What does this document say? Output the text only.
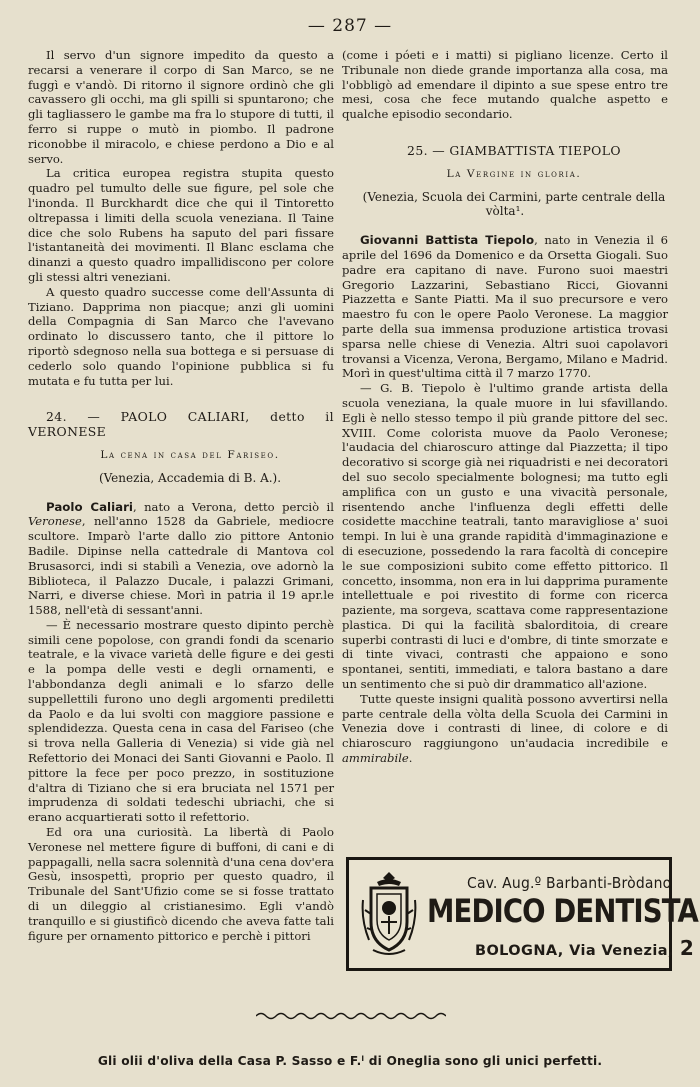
— 287 —

Il servo d'un signore impedito da questo a recarsi a venerare il corpo di San Marco, se ne fuggì e v'andò. Di ritorno il signore ordinò che gli cavassero gli occhi, ma gli spilli si spuntarono; che gli tagliassero le gambe ma fra lo stupore di tutti, il ferro si ruppe o mutò in piombo. Il padrone riconobbe il miracolo, e chiese perdono a Dio e al servo.

La critica europea registra stupita questo quadro pel tumulto delle sue figure, pel sole che l'inonda. Il Burckhardt dice che qui il Tintoretto oltrepassa i limiti della scuola veneziana. Il Taine dice che solo Rubens ha saputo del pari fissare l'istantaneità dei movimenti. Il Blanc esclama che dinanzi a questo quadro impallidiscono per colore gli stessi altri veneziani.

A questo quadro successe come dell'Assunta di Tiziano. Dapprima non piacque; anzi gli uomini della Compagnia di San Marco che l'avevano ordinato lo discussero tanto, che il pittore lo riportò sdegnoso nella sua bottega e si persuase di cederlo solo quando l'opinione pubblica si fu mutata e fu tutta per lui.

24. — PAOLO CALIARI, detto il VERONESE

La cena in casa del Fariseo.

(Venezia, Accademia di B. A.).

Paolo Caliari, nato a Verona, detto perciò il Veronese, nell'anno 1528 da Gabriele, mediocre scultore. Imparò l'arte dallo zio pittore Antonio Badile. Dipinse nella cattedrale di Mantova col Brusasorci, indi si stabilì a Venezia, ove adornò la Biblioteca, il Palazzo Ducale, i palazzi Grimani, Narri, e diverse chiese. Morì in patria il 19 apr.le 1588, nell'età di sessant'anni.

— È necessario mostrare questo dipinto perchè simili cene popolose, con grandi fondi da scenario teatrale, e la vivace varietà delle figure e dei gesti e la pompa delle vesti e degli ornamenti, e l'abbondanza degli animali e lo sfarzo delle suppellettili furono uno degli argomenti prediletti da Paolo e da lui svolti con maggiore passione e splendidezza. Questa cena in casa del Fariseo (che si trova nella Galleria di Venezia) si vide già nel Refettorio dei Monaci dei Santi Giovanni e Paolo. Il pittore la fece per poco prezzo, in sostituzione d'altra di Tiziano che si era bruciata nel 1571 per imprudenza di soldati tedeschi ubriachi, che si erano acquartierati sotto il refettorio.

Ed ora una curiosità. La libertà di Paolo Veronese nel mettere figure di buffoni, di cani e di pappagalli, nella sacra solennità d'una cena dov'era Gesù, insospettì, proprio per questo quadro, il Tribunale del Sant'Ufizio come se si fosse trattato di un dileggio al cristianesimo. Egli v'andò tranquillo e si giustificò dicendo che aveva fatte tali figure per ornamento pittorico e perchè i pittori

(come i póeti e i matti) si pigliano licenze. Certo il Tribunale non diede grande importanza alla cosa, ma l'obbligò ad emendare il dipinto a sue spese entro tre mesi, cosa che fece mutando qualche aspetto e qualche episodio secondario.

25. — GIAMBATTISTA TIEPOLO

La Vergine in gloria.

(Venezia, Scuola dei Carmini, parte centrale della vòlta¹.

Giovanni Battista Tiepolo, nato in Venezia il 6 aprile del 1696 da Domenico e da Orsetta Giogali. Suo padre era capitano di nave. Furono suoi maestri Gregorio Lazzarini, Sebastiano Ricci, Giovanni Piazzetta e Sante Piatti. Ma il suo precursore e vero maestro fu con le opere Paolo Veronese. La maggior parte della sua immensa produzione artistica trovasi sparsa nelle chiese di Venezia. Altri suoi capolavori trovansi a Vicenza, Verona, Bergamo, Milano e Madrid. Morì in quest'ultima città il 7 marzo 1770.

— G. B. Tiepolo è l'ultimo grande artista della scuola veneziana, la quale muore in lui sfavillando. Egli è nello stesso tempo il più grande pittore del sec. XVIII. Come colorista muove da Paolo Veronese; l'audacia del chiaroscuro attinge dal Piazzetta; il tipo decorativo si scorge già nei riquadristi e nei decoratori del suo secolo specialmente bolognesi; ma tutto egli amplifica con un gusto e una vivacità personale, risentendo anche l'influenza degli effetti delle cosidette macchine teatrali, tanto maravigliose a' suoi tempi. In lui è una grande rapidità d'immaginazione e di esecuzione, possedendo la rara facoltà di concepire le sue composizioni subito come effetto pittorico. Il concetto, insomma, non era in lui dapprima puramente intellettuale e poi rivestito di forme con ricerca paziente, ma sorgeva, scattava come rappresentazione plastica. Di qui la facilità sbalorditoia, di creare superbi contrasti di luci e d'ombre, di tinte smorzate e di tinte vivaci, contrasti che appaiono e sono spontanei, sentiti, immediati, e talora bastano a dare un sentimento che si può dir drammatico all'azione.

Tutte queste insigni qualità possono avvertirsi nella parte centrale della vòlta della Scuola dei Carmini in Venezia dove i contrasti di linee, di colore e di chiaroscuro raggiungono un'audacia incredibile e ammirabile.

Cav. Aug.º Barbanti-Bròdano
MEDICO DENTISTA
BOLOGNA, Via Venezia, 2
Gli olii d'oliva della Casa P. Sasso e F.ˡ di Oneglia sono gli unici perfetti.
